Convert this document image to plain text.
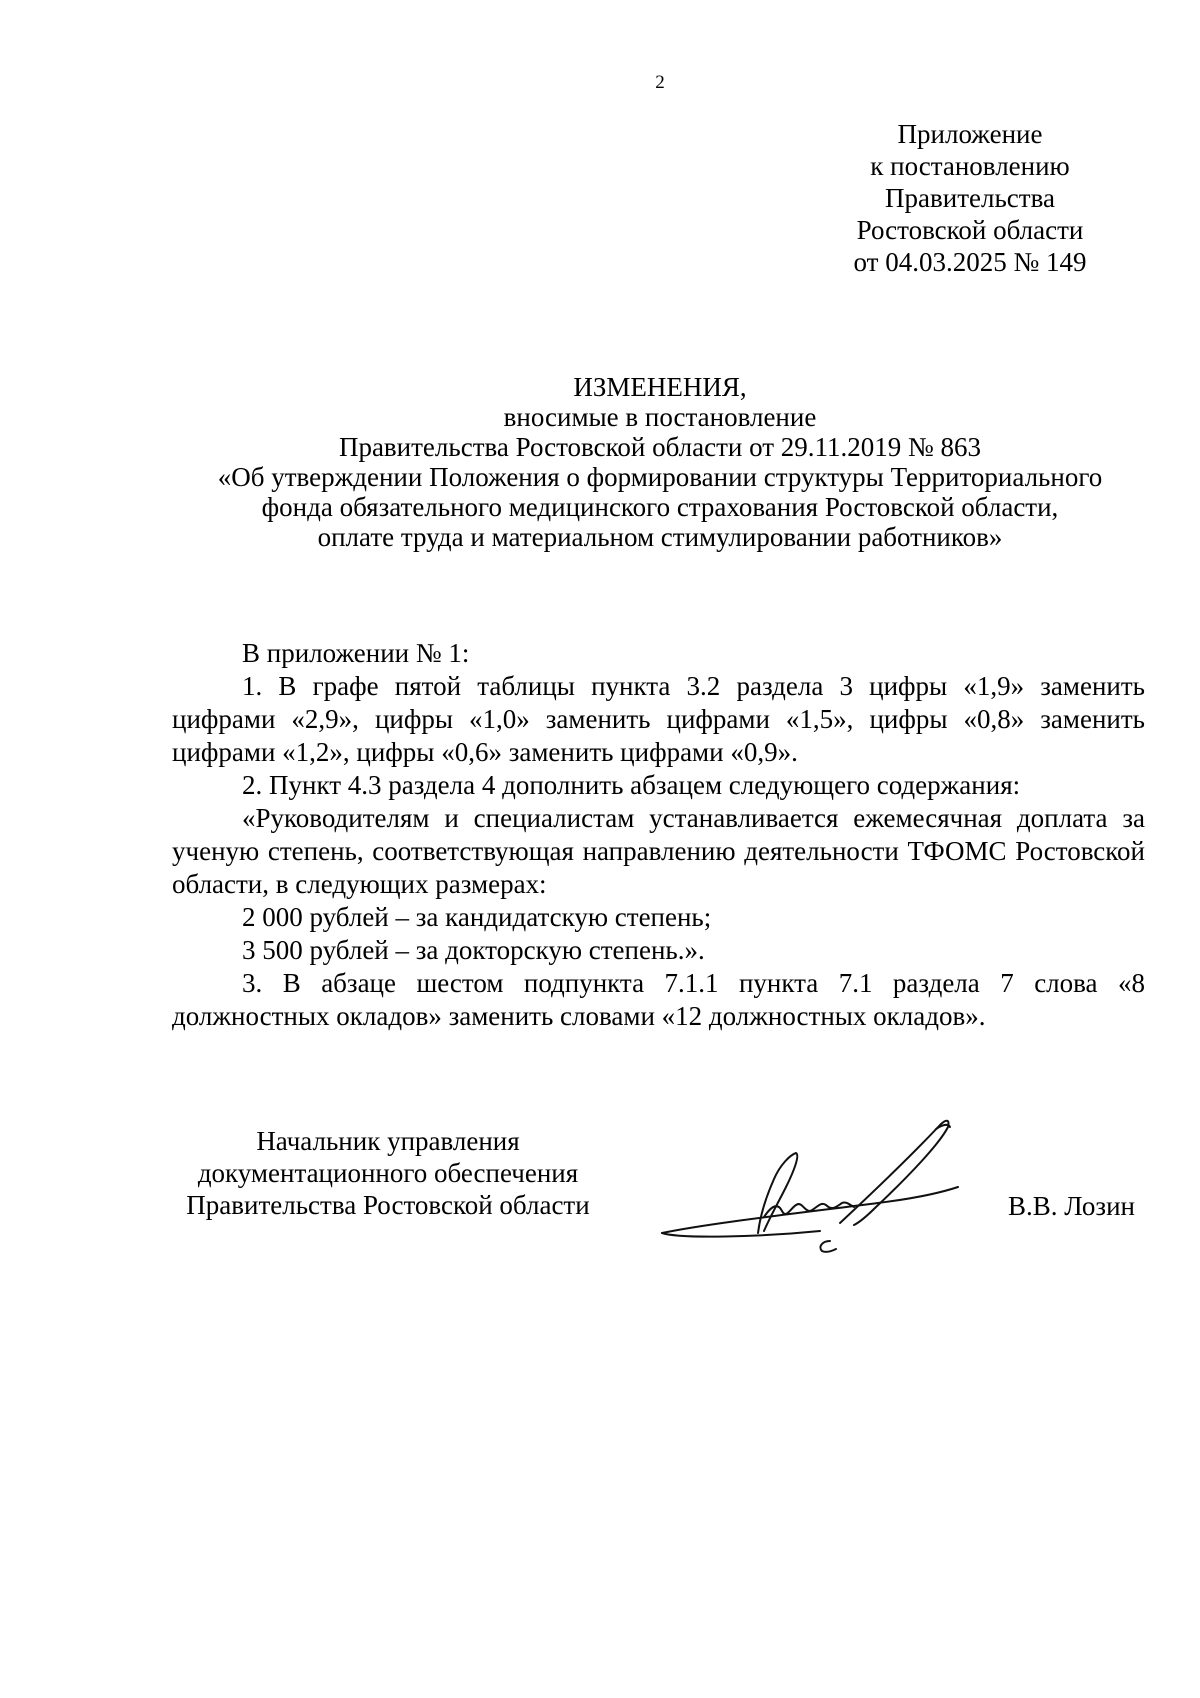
2
Приложение
к постановлению
Правительства
Ростовской области
от 04.03.2025 № 149
ИЗМЕНЕНИЯ,
вносимые в постановление
Правительства Ростовской области от 29.11.2019 № 863
«Об утверждении Положения о формировании структуры Территориального
фонда обязательного медицинского страхования Ростовской области,
оплате труда и материальном стимулировании работников»

В приложении № 1:

1. В графе пятой таблицы пункта 3.2 раздела 3 цифры «1,9» заменить цифрами «2,9», цифры «1,0» заменить цифрами «1,5», цифры «0,8» заменить цифрами «1,2», цифры «0,6» заменить цифрами «0,9».

2. Пункт 4.3 раздела 4 дополнить абзацем следующего содержания:

«Руководителям и специалистам устанавливается ежемесячная доплата за ученую степень, соответствующая направлению деятельности ТФОМС Ростовской области, в следующих размерах:

2 000 рублей – за кандидатскую степень;

3 500 рублей – за докторскую степень.».

3. В абзаце шестом подпункта 7.1.1 пункта 7.1 раздела 7 слова «8 должностных окладов» заменить словами «12 должностных окладов».

Начальник управления
документационного обеспечения
Правительства Ростовской области	В.В. Лозин
